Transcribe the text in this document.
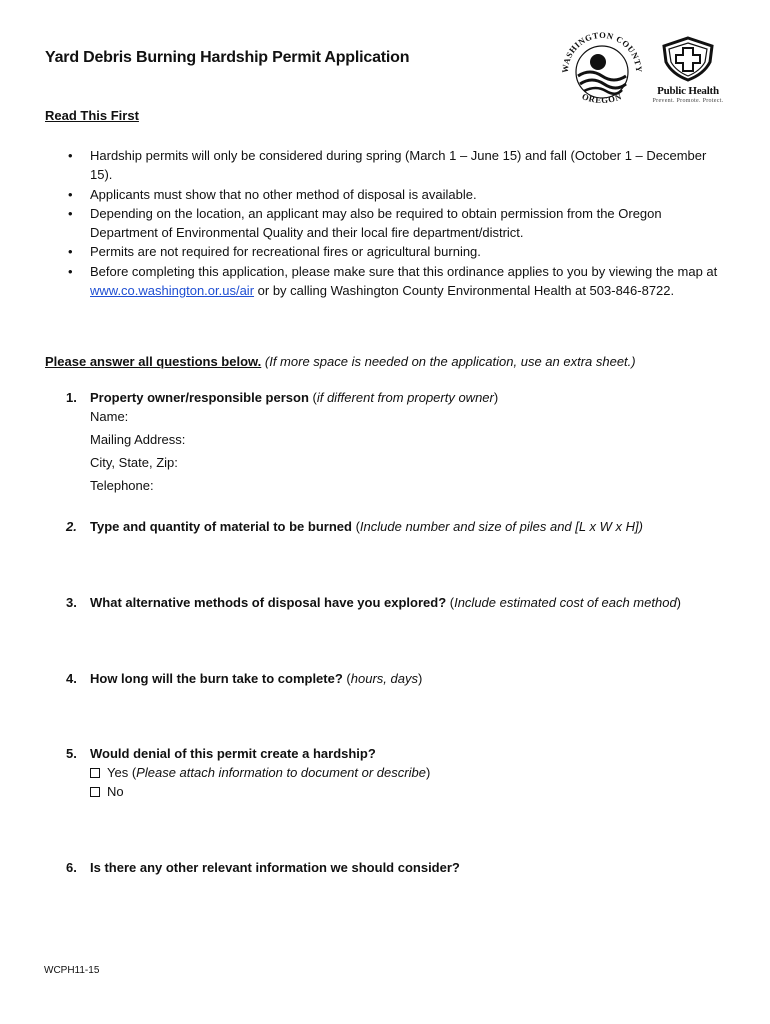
Yard Debris Burning Hardship Permit Application
WASHINGTON COUNTY
OREGON
Public Health
Prevent. Promote. Protect.
Read This First
• Hardship permits will only be considered during spring (March 1 – June 15) and fall (October 1 – December 15).
• Applicants must show that no other method of disposal is available.
• Depending on the location, an applicant may also be required to obtain permission from the Oregon Department of Environmental Quality and their local fire department/district.
• Permits are not required for recreational fires or agricultural burning.
• Before completing this application, please make sure that this ordinance applies to you by viewing the map at www.co.washington.or.us/air or by calling Washington County Environmental Health at 503-846-8722.
Please answer all questions below. (If more space is needed on the application, use an extra sheet.)
1. Property owner/responsible person (if different from property owner)
Name:
Mailing Address:
City, State, Zip:
Telephone:
2. Type and quantity of material to be burned (Include number and size of piles and [L x W x H])
3. What alternative methods of disposal have you explored? (Include estimated cost of each method)
4. How long will the burn take to complete? (hours, days)
5. Would denial of this permit create a hardship?
Yes (Please attach information to document or describe)
No
6. Is there any other relevant information we should consider?
WCPH11-15
